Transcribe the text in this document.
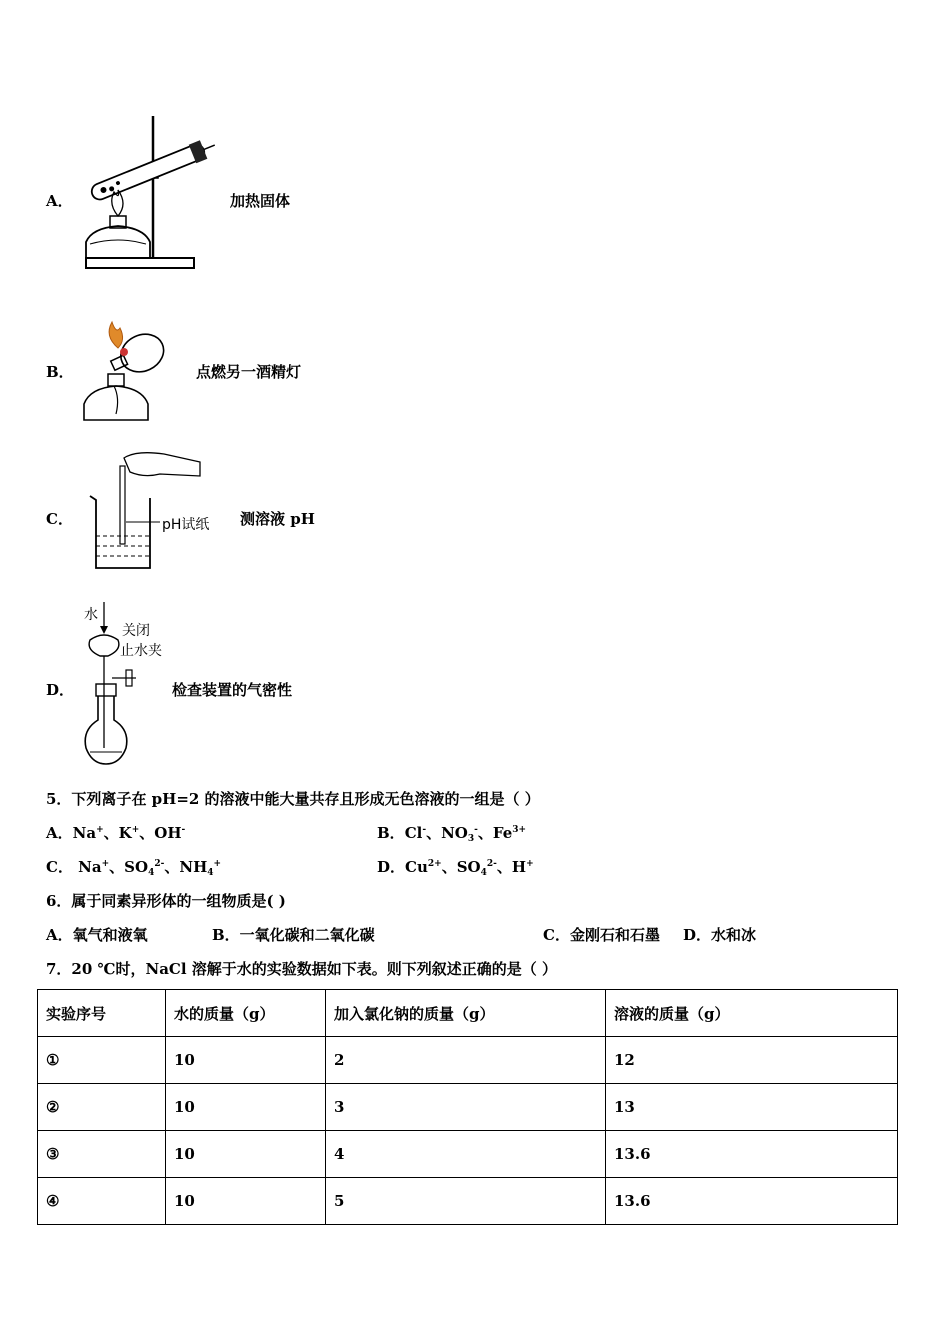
A．	加热固体
B．	点燃另一酒精灯
C．	pH试纸 测溶液 pH
D．
水
关闭
止水夹
检查装置的气密性
5．下列离子在 pH=2 的溶液中能大量共存且形成无色溶液的一组是（ ）
A．Na+、K+、OH-	B．Cl-、$NO_3^-$、$Fe^{3+}$
C． Na+、$SO_4^{2-}$、$NH_4^+$	D．$Cu^{2+}$、$SO_4^{2-}$、H+
6．属于同素异形体的一组物质是( )
A．氧气和液氧	B．一氧化碳和二氧化碳	C．金刚石和石墨 D．水和冰
7．20 ℃时，NaCl 溶解于水的实验数据如下表。则下列叙述正确的是（ ）
实验序号	水的质量（g）	加入氯化钠的质量（g）	溶液的质量（g）
①	10	2	12
②	10	3	13
③	10	4	13.6
④	10	5	13.6
